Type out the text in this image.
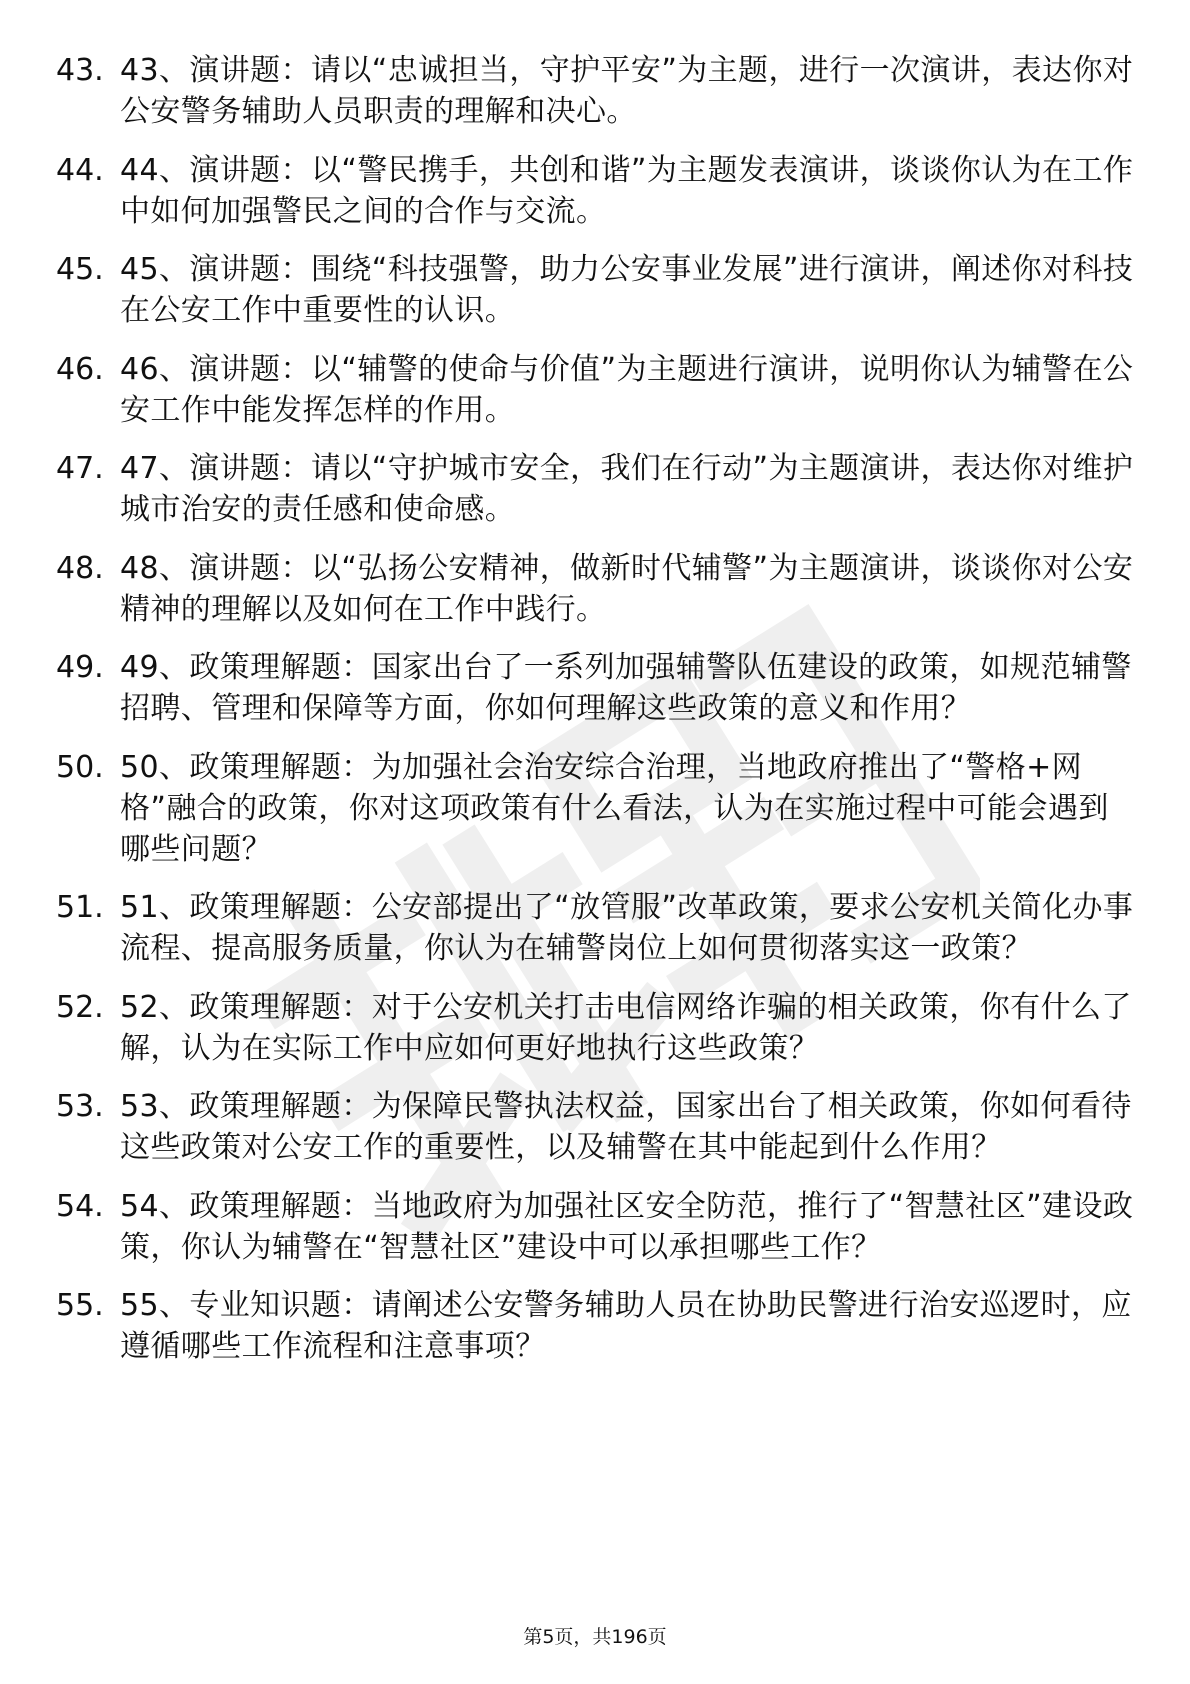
43. 43、演讲题：请以“忠诚担当，守护平安”为主题，进行一次演讲，表达你对公安警务辅助人员职责的理解和决心。
44. 44、演讲题：以“警民携手，共创和谐”为主题发表演讲，谈谈你认为在工作中如何加强警民之间的合作与交流。
45. 45、演讲题：围绕“科技强警，助力公安事业发展”进行演讲，阐述你对科技在公安工作中重要性的认识。
46. 46、演讲题：以“辅警的使命与价值”为主题进行演讲，说明你认为辅警在公安工作中能发挥怎样的作用。
47. 47、演讲题：请以“守护城市安全，我们在行动”为主题演讲，表达你对维护城市治安的责任感和使命感。
48. 48、演讲题：以“弘扬公安精神，做新时代辅警”为主题演讲，谈谈你对公安精神的理解以及如何在工作中践行。
49. 49、政策理解题：国家出台了一系列加强辅警队伍建设的政策，如规范辅警招聘、管理和保障等方面，你如何理解这些政策的意义和作用？
50. 50、政策理解题：为加强社会治安综合治理，当地政府推出了“警格+网格”融合的政策，你对这项政策有什么看法，认为在实施过程中可能会遇到哪些问题？
51. 51、政策理解题：公安部提出了“放管服”改革政策，要求公安机关简化办事流程、提高服务质量，你认为在辅警岗位上如何贯彻落实这一政策？
52. 52、政策理解题：对于公安机关打击电信网络诈骗的相关政策，你有什么了解，认为在实际工作中应如何更好地执行这些政策？
53. 53、政策理解题：为保障民警执法权益，国家出台了相关政策，你如何看待这些政策对公安工作的重要性，以及辅警在其中能起到什么作用？
54. 54、政策理解题：当地政府为加强社区安全防范，推行了“智慧社区”建设政策，你认为辅警在“智慧社区”建设中可以承担哪些工作？
55. 55、专业知识题：请阐述公安警务辅助人员在协助民警进行治安巡逻时，应遵循哪些工作流程和注意事项？
第5页，共196页
